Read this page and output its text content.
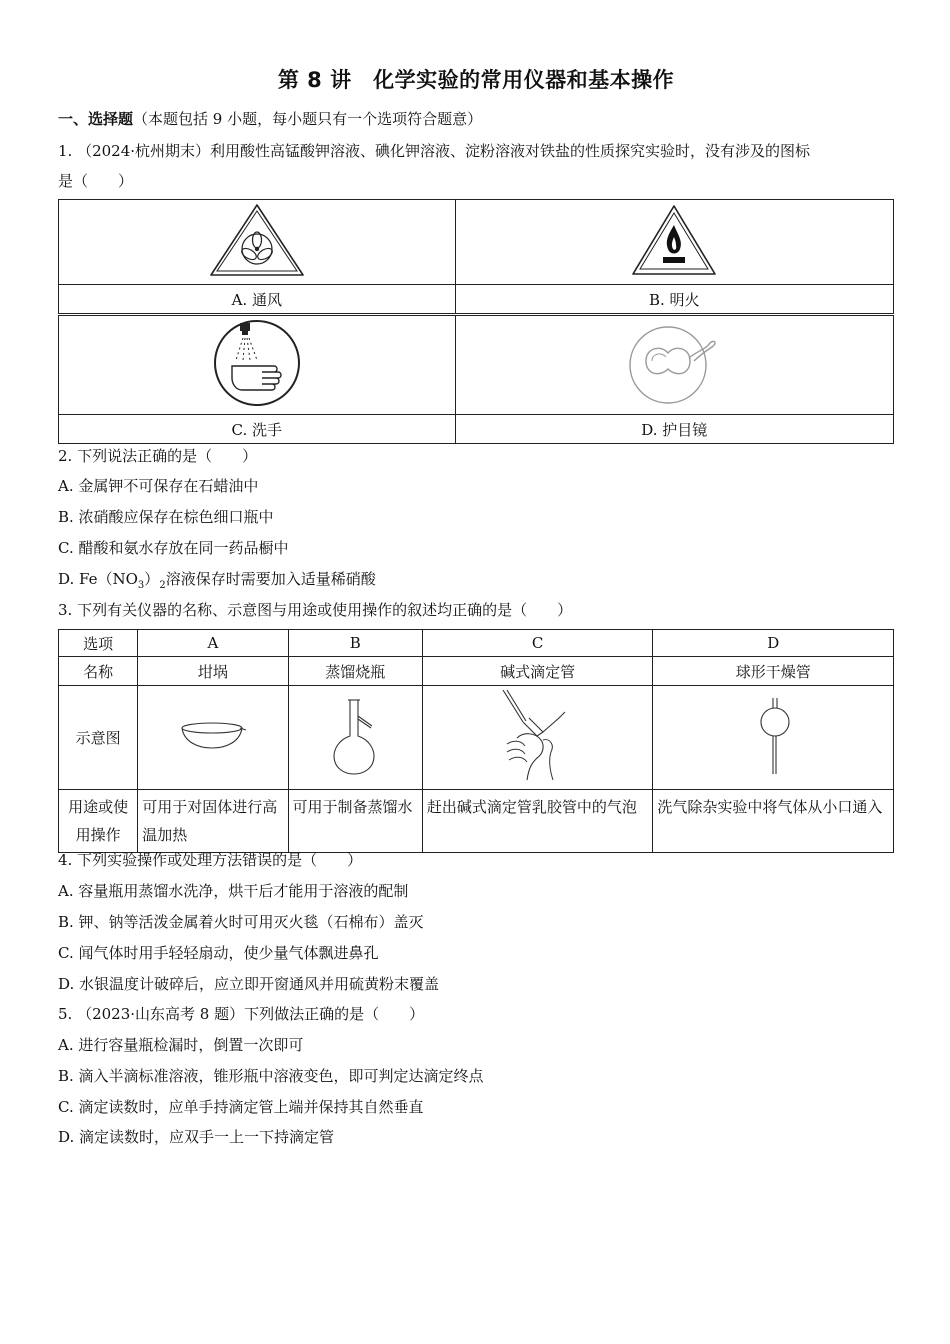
第 8 讲　化学实验的常用仪器和基本操作
一、选择题（本题包括 9 小题，每小题只有一个选项符合题意）
1. （2024·杭州期末）利用酸性高锰酸钾溶液、碘化钾溶液、淀粉溶液对铁盐的性质探究实验时，没有涉及的图标
是（　　）

A. 通风	B. 明火

C. 洗手	D. 护目镜
2. 下列说法正确的是（　　）
A. 金属钾不可保存在石蜡油中
B. 浓硝酸应保存在棕色细口瓶中
C. 醋酸和氨水存放在同一药品橱中
D. $Fe(NO_3)_2$溶液保存时需要加入适量稀硝酸
3. 下列有关仪器的名称、示意图与用途或使用操作的叙述均正确的是（　　）
选项	A	B	C	D
名称	坩埚	蒸馏烧瓶	碱式滴定管	球形干燥管
示意图				
用途或使用操作	可用于对固体进行高温加热	可用于制备蒸馏水	赶出碱式滴定管乳胶管中的气泡	洗气除杂实验中将气体从小口通入
4. 下列实验操作或处理方法错误的是（　　）
A. 容量瓶用蒸馏水洗净，烘干后才能用于溶液的配制
B. 钾、钠等活泼金属着火时可用灭火毯（石棉布）盖灭
C. 闻气体时用手轻轻扇动，使少量气体飘进鼻孔
D. 水银温度计破碎后，应立即开窗通风并用硫黄粉末覆盖
5. （2023·山东高考 8 题）下列做法正确的是（　　）
A. 进行容量瓶检漏时，倒置一次即可
B. 滴入半滴标准溶液，锥形瓶中溶液变色，即可判定达滴定终点
C. 滴定读数时，应单手持滴定管上端并保持其自然垂直
D. 滴定读数时，应双手一上一下持滴定管
